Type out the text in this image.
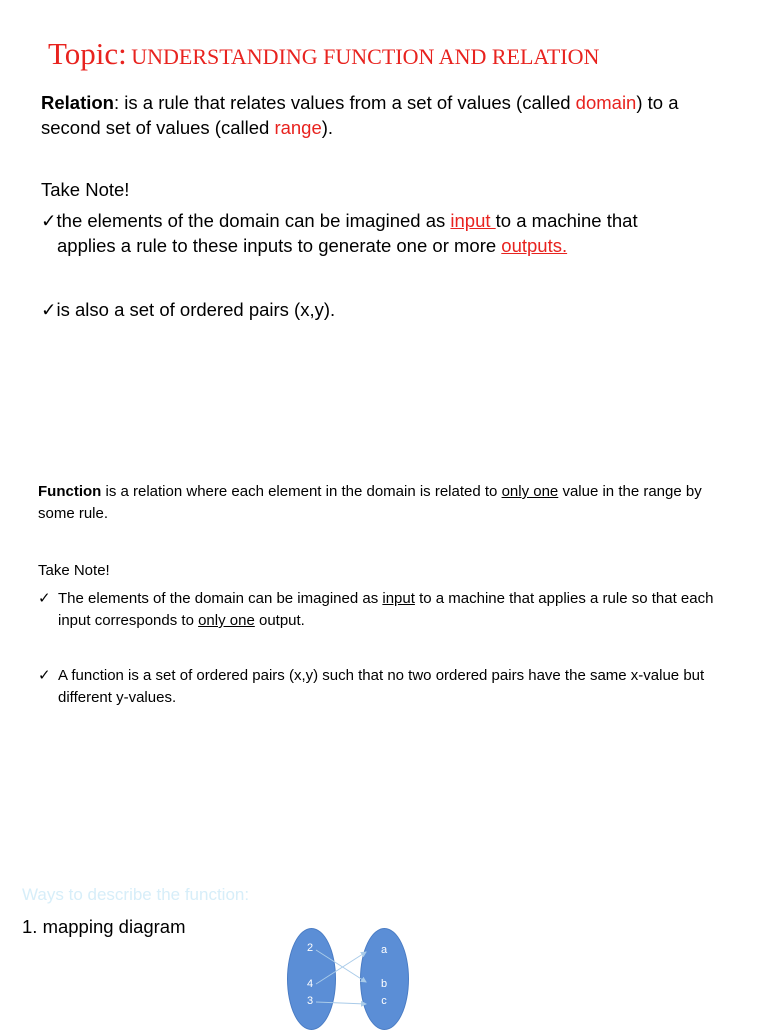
Topic: UNDERSTANDING FUNCTION AND RELATION
Relation: is a rule that relates values from a set of values (called domain) to a second set of values (called range).
Take Note!
✓the elements of the domain can be imagined as input to a machine that
applies a rule to these inputs to generate one or more outputs.
✓is also a set of ordered pairs (x,y).
Function is a relation where each element in the domain is related to only one value in the range by some rule.
Take Note!
✓ The elements of the domain can be imagined as input to a machine that applies a rule so that each input corresponds to only one output.
✓ A function is a set of ordered pairs (x,y) such that no two ordered pairs have the same x-value but different y-values.
Ways to describe the function:
1. mapping diagram
2
4
3
a
b
c
